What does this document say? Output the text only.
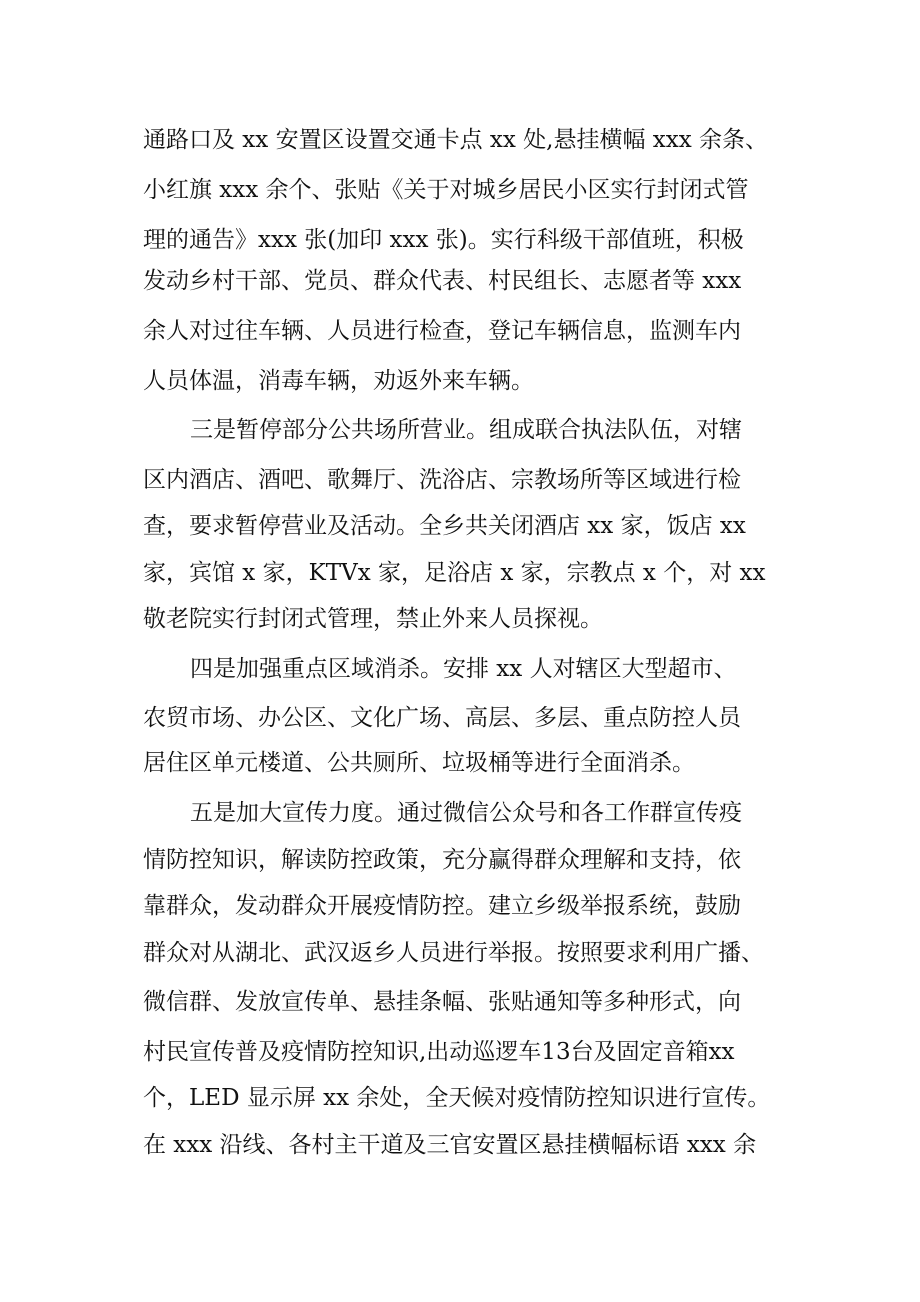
通路口及 xx 安置区设置交通卡点 xx 处,悬挂横幅 xxx 余条、
小红旗 xxx 余个、张贴《关于对城乡居民小区实行封闭式管
理的通告》xxx 张(加印 xxx 张)。实行科级干部值班，积极
发动乡村干部、党员、群众代表、村民组长、志愿者等 xxx
余人对过往车辆、人员进行检查，登记车辆信息，监测车内
人员体温，消毒车辆，劝返外来车辆。
三是暂停部分公共场所营业。组成联合执法队伍，对辖
区内酒店、酒吧、歌舞厅、洗浴店、宗教场所等区域进行检
查，要求暂停营业及活动。全乡共关闭酒店 xx 家，饭店 xx
家，宾馆 x 家，KTVx 家，足浴店 x 家，宗教点 x 个，对 xx
敬老院实行封闭式管理，禁止外来人员探视。
四是加强重点区域消杀。安排 xx 人对辖区大型超市、
农贸市场、办公区、文化广场、高层、多层、重点防控人员
居住区单元楼道、公共厕所、垃圾桶等进行全面消杀。
五是加大宣传力度。通过微信公众号和各工作群宣传疫
情防控知识，解读防控政策，充分赢得群众理解和支持，依
靠群众，发动群众开展疫情防控。建立乡级举报系统，鼓励
群众对从湖北、武汉返乡人员进行举报。按照要求利用广播、
微信群、发放宣传单、悬挂条幅、张贴通知等多种形式，向
村民宣传普及疫情防控知识,出动巡逻车13台及固定音箱xx
个，LED 显示屏 xx 余处，全天候对疫情防控知识进行宣传。
在 xxx 沿线、各村主干道及三官安置区悬挂横幅标语 xxx 余
